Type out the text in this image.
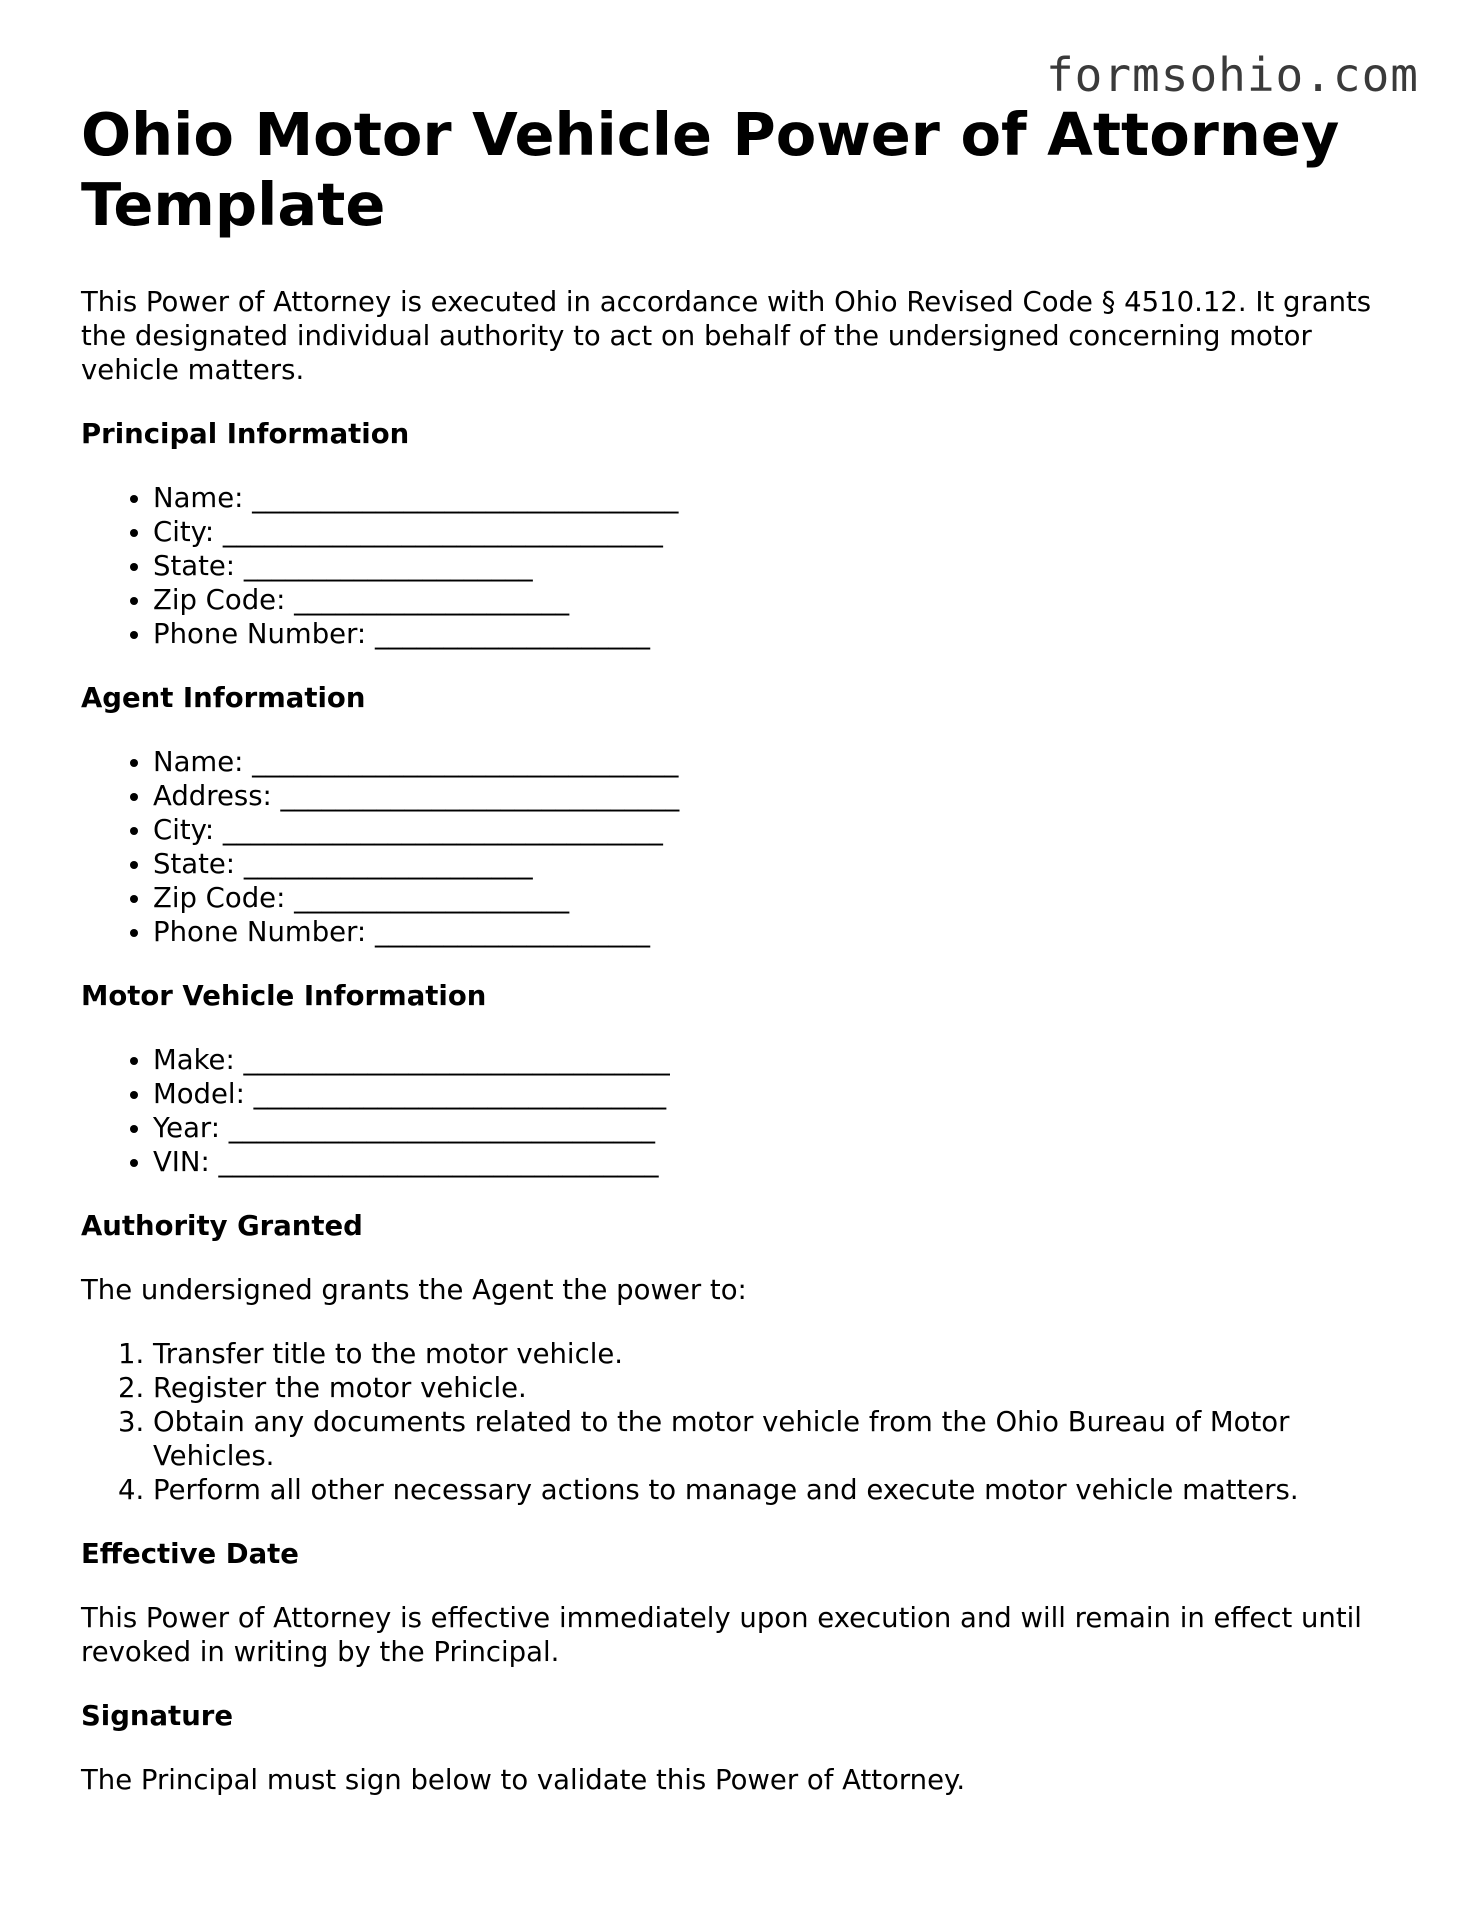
formsohio.com
Ohio Motor Vehicle Power of Attorney Template

This Power of Attorney is executed in accordance with Ohio Revised Code § 4510.12. It grants the designated individual authority to act on behalf of the undersigned concerning motor vehicle matters.

Principal Information
• Name: _______________________________
• City: ________________________________
• State: _____________________
• Zip Code: ____________________
• Phone Number: ____________________
Agent Information
• Name: _______________________________
• Address: _____________________________
• City: ________________________________
• State: _____________________
• Zip Code: ____________________
• Phone Number: ____________________
Motor Vehicle Information
• Make: _______________________________
• Model: ______________________________
• Year: _______________________________
• VIN: ________________________________
Authority Granted

The undersigned grants the Agent the power to:

1. Transfer title to the motor vehicle.
2. Register the motor vehicle.
3. Obtain any documents related to the motor vehicle from the Ohio Bureau of Motor Vehicles.
4. Perform all other necessary actions to manage and execute motor vehicle matters.
Effective Date

This Power of Attorney is effective immediately upon execution and will remain in effect until revoked in writing by the Principal.

Signature

The Principal must sign below to validate this Power of Attorney.
